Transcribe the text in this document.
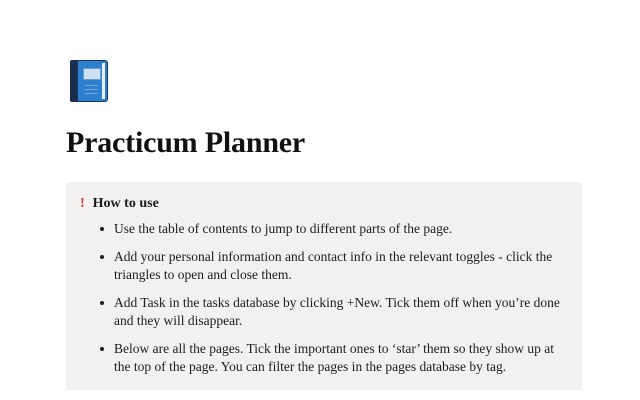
Practicum Planner
! How to use
Use the table of contents to jump to different parts of the page.
Add your personal information and contact info in the relevant toggles - click the triangles to open and close them.
Add Task in the tasks database by clicking +New. Tick them off when you’re done and they will disappear.
Below are all the pages. Tick the important ones to ‘star’ them so they show up at the top of the page. You can filter the pages in the pages database by tag.
